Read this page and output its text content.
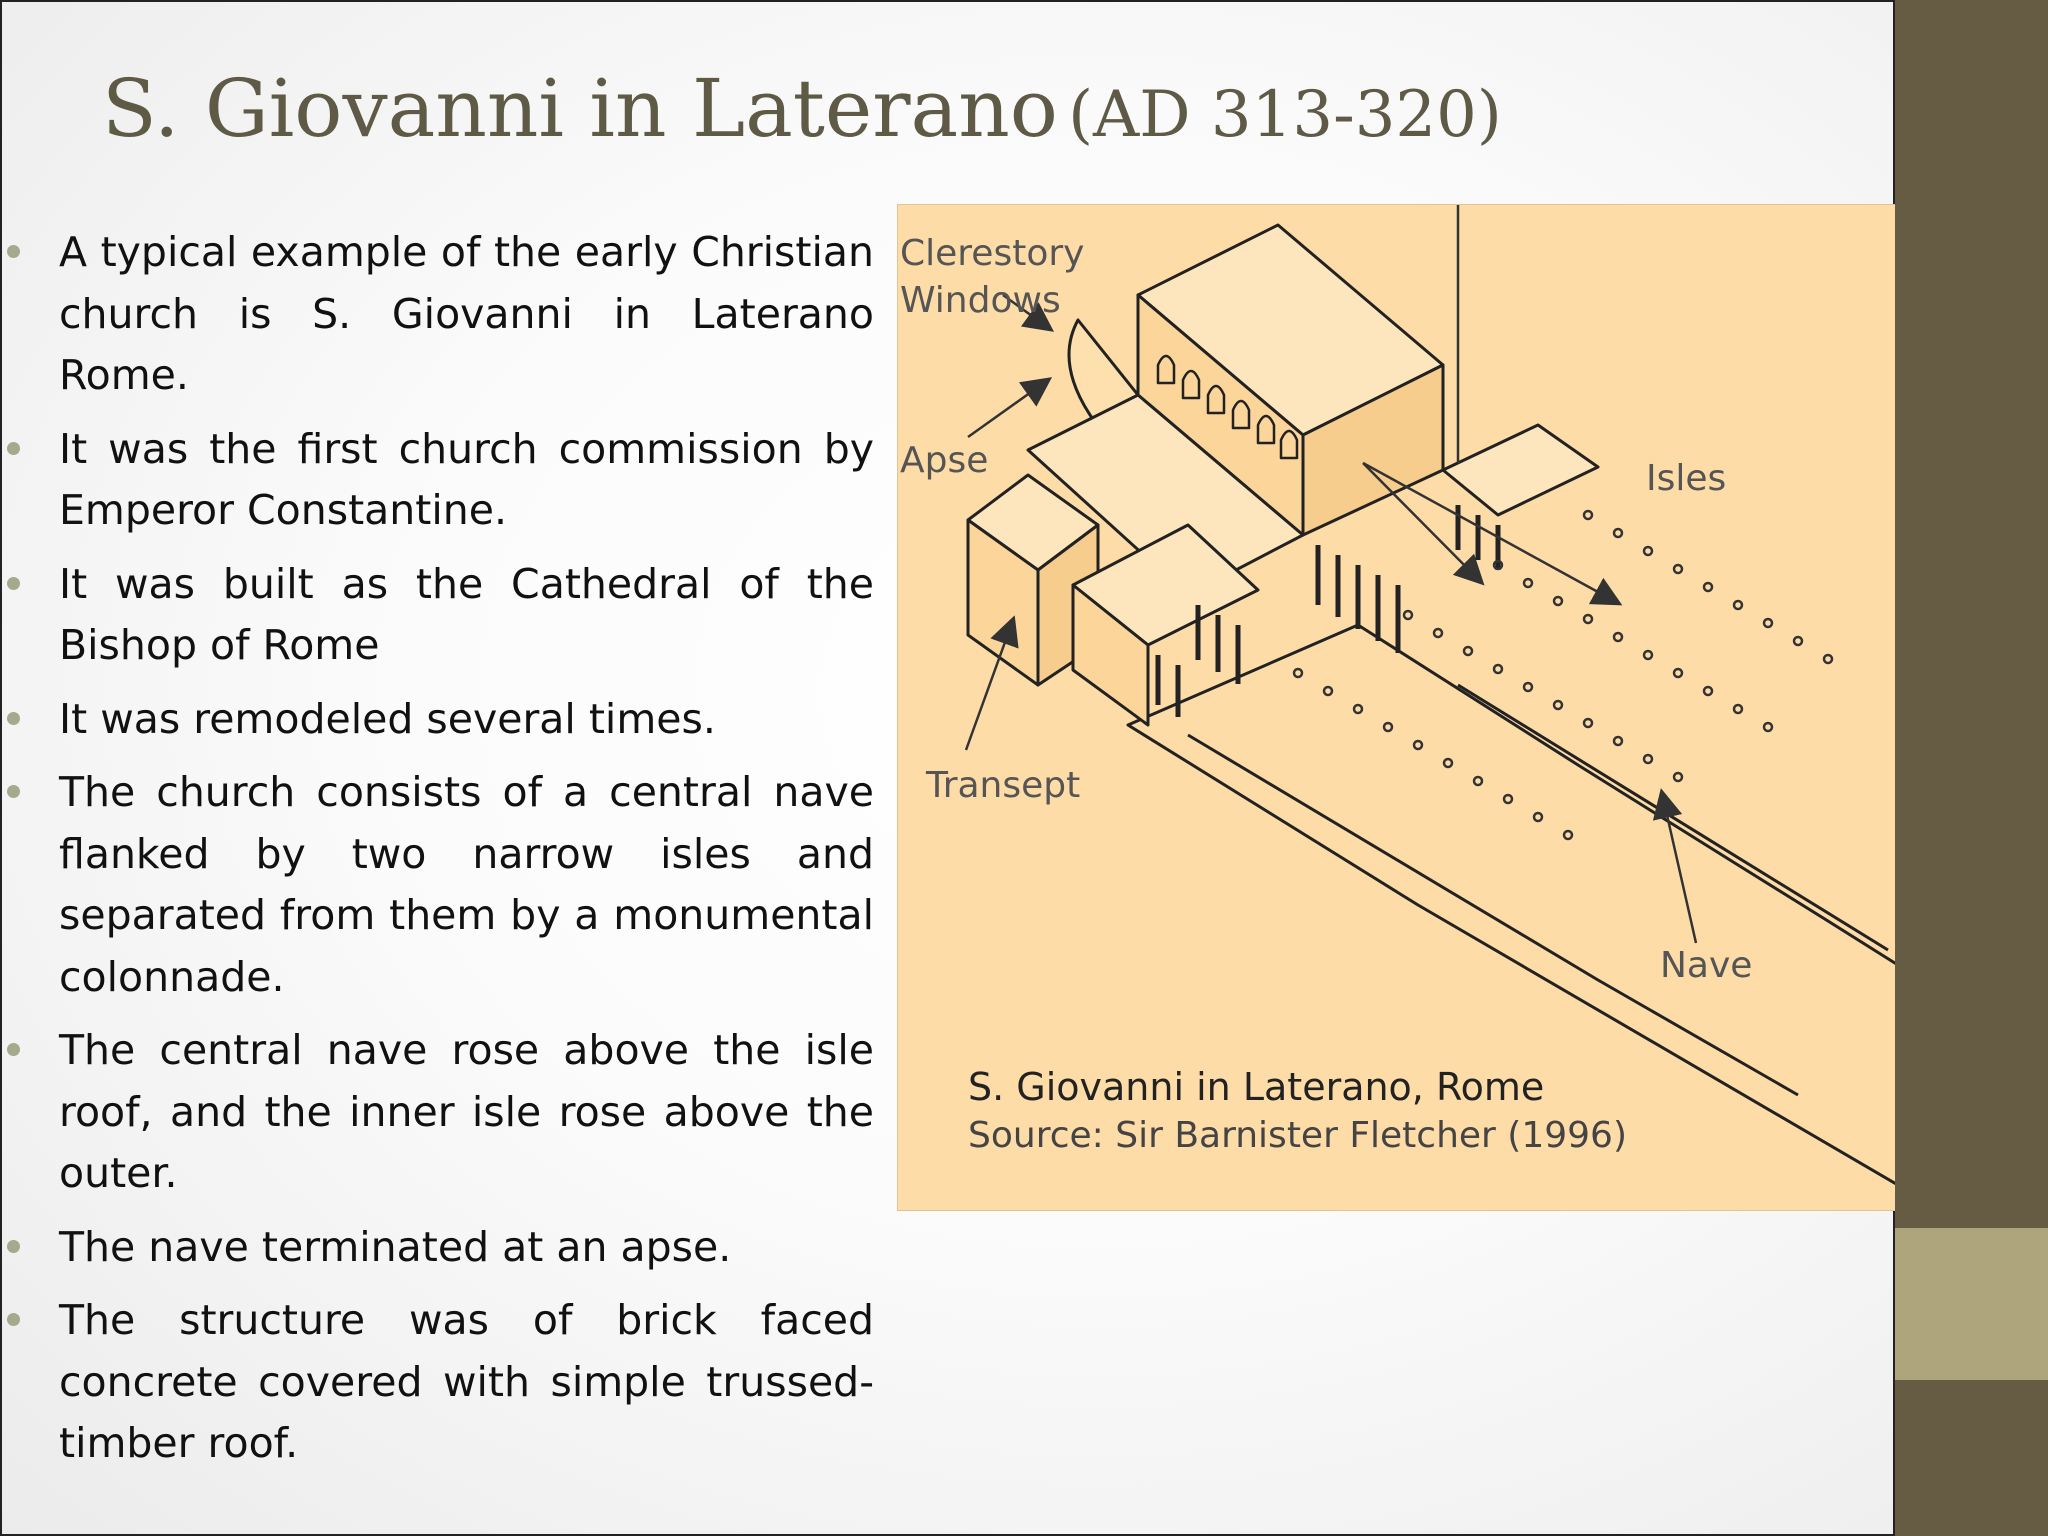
S. Giovanni in Laterano (AD 313-320)
A typical example of the early Christian church is S. Giovanni in Laterano Rome.
It was the first church commission by Emperor Constantine.
It was built as the Cathedral of the Bishop of Rome
It was remodeled several times.
The church consists of a central nave flanked by two narrow isles and separated from them by a monumental colonnade.
The central nave rose above the isle roof, and the inner isle rose above the outer.
The nave terminated at an apse.
The structure was of brick faced concrete covered with simple trussed-timber roof.
Clerestory
Windows
Apse	Isles
Transept
Nave
S. Giovanni in Laterano, Rome
Source: Sir Barnister Fletcher (1996)
